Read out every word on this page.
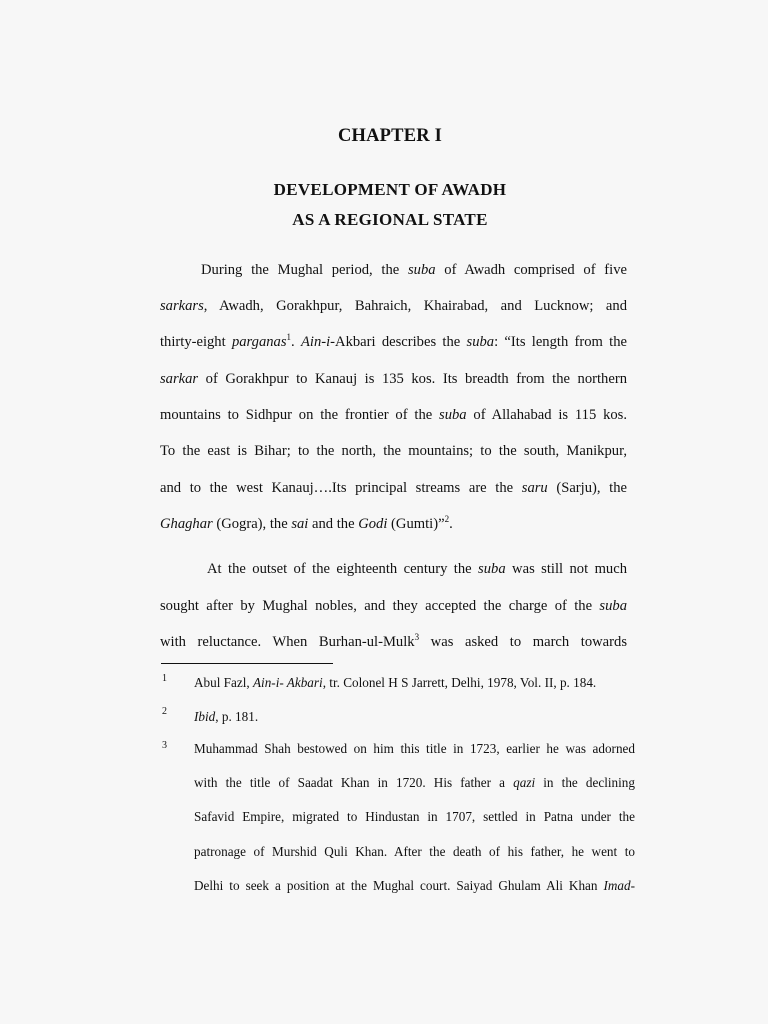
CHAPTER I
DEVELOPMENT OF AWADH
AS A REGIONAL STATE
During the Mughal period, the suba of Awadh comprised of five
sarkars, Awadh, Gorakhpur, Bahraich, Khairabad, and Lucknow; and
thirty-eight parganas$^1$. Ain-i-Akbari describes the suba: “Its length from the
sarkar of Gorakhpur to Kanauj is 135 kos. Its breadth from the northern
mountains to Sidhpur on the frontier of the suba of Allahabad is 115 kos.
To the east is Bihar; to the north, the mountains; to the south, Manikpur,
and to the west Kanauj….Its principal streams are the saru (Sarju), the
Ghaghar (Gogra), the sai and the Godi (Gumti)”$^2$.
At the outset of the eighteenth century the suba was still not much
sought after by Mughal nobles, and they accepted the charge of the suba
with reluctance. When Burhan-ul-Mulk$^3$ was asked to march towards
1 Abul Fazl, Ain-i- Akbari, tr. Colonel H S Jarrett, Delhi, 1978, Vol. II, p. 184.
2 Ibid, p. 181.
3 Muhammad Shah bestowed on him this title in 1723, earlier he was adorned
with the title of Saadat Khan in 1720. His father a qazi in the declining
Safavid Empire, migrated to Hindustan in 1707, settled in Patna under the
patronage of Murshid Quli Khan. After the death of his father, he went to
Delhi to seek a position at the Mughal court. Saiyad Ghulam Ali Khan Imad-
